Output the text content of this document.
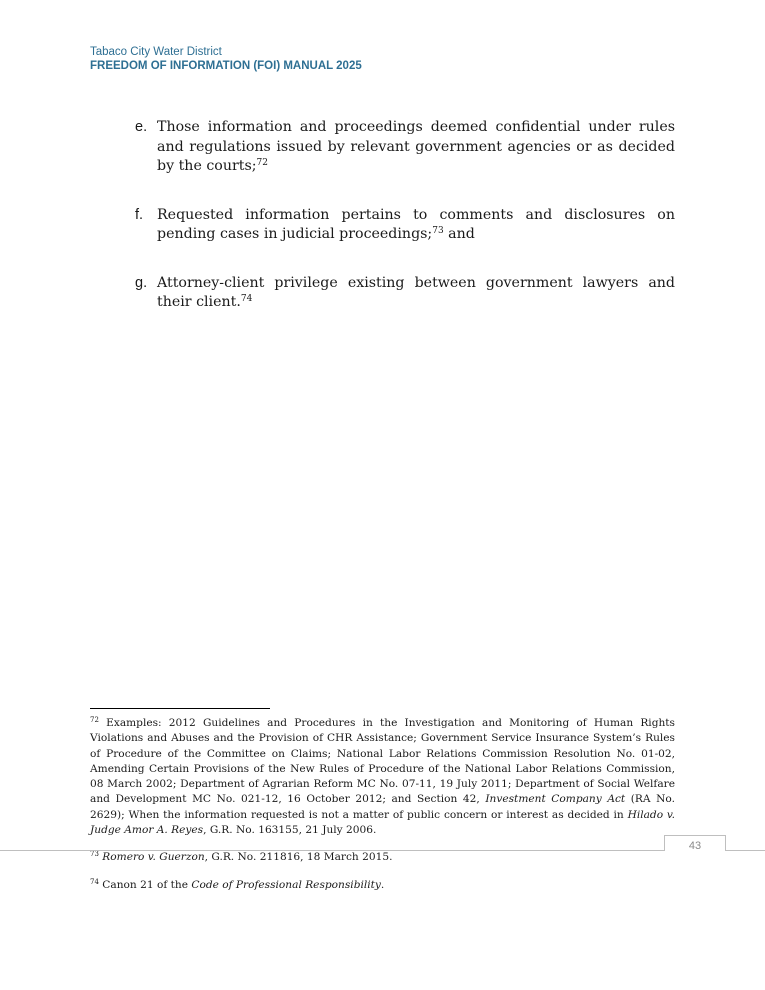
Tabaco City Water District
FREEDOM OF INFORMATION (FOI) MANUAL 2025
e. Those information and proceedings deemed confidential under rules and regulations issued by relevant government agencies or as decided by the courts;$^{72}$
f. Requested information pertains to comments and disclosures on pending cases in judicial proceedings;$^{73}$ and
g. Attorney-client privilege existing between government lawyers and their client.$^{74}$
$^{72}$ Examples: 2012 Guidelines and Procedures in the Investigation and Monitoring of Human Rights Violations and Abuses and the Provision of CHR Assistance; Government Service Insurance System’s Rules of Procedure of the Committee on Claims; National Labor Relations Commission Resolution No. 01-02, Amending Certain Provisions of the New Rules of Procedure of the National Labor Relations Commission, 08 March 2002; Department of Agrarian Reform MC No. 07-11, 19 July 2011; Department of Social Welfare and Development MC No. 021-12, 16 October 2012; and Section 42, Investment Company Act (RA No. 2629); When the information requested is not a matter of public concern or interest as decided in Hilado v. Judge Amor A. Reyes, G.R. No. 163155, 21 July 2006.
$^{73}$ Romero v. Guerzon, G.R. No. 211816, 18 March 2015.
$^{74}$ Canon 21 of the Code of Professional Responsibility.
43
